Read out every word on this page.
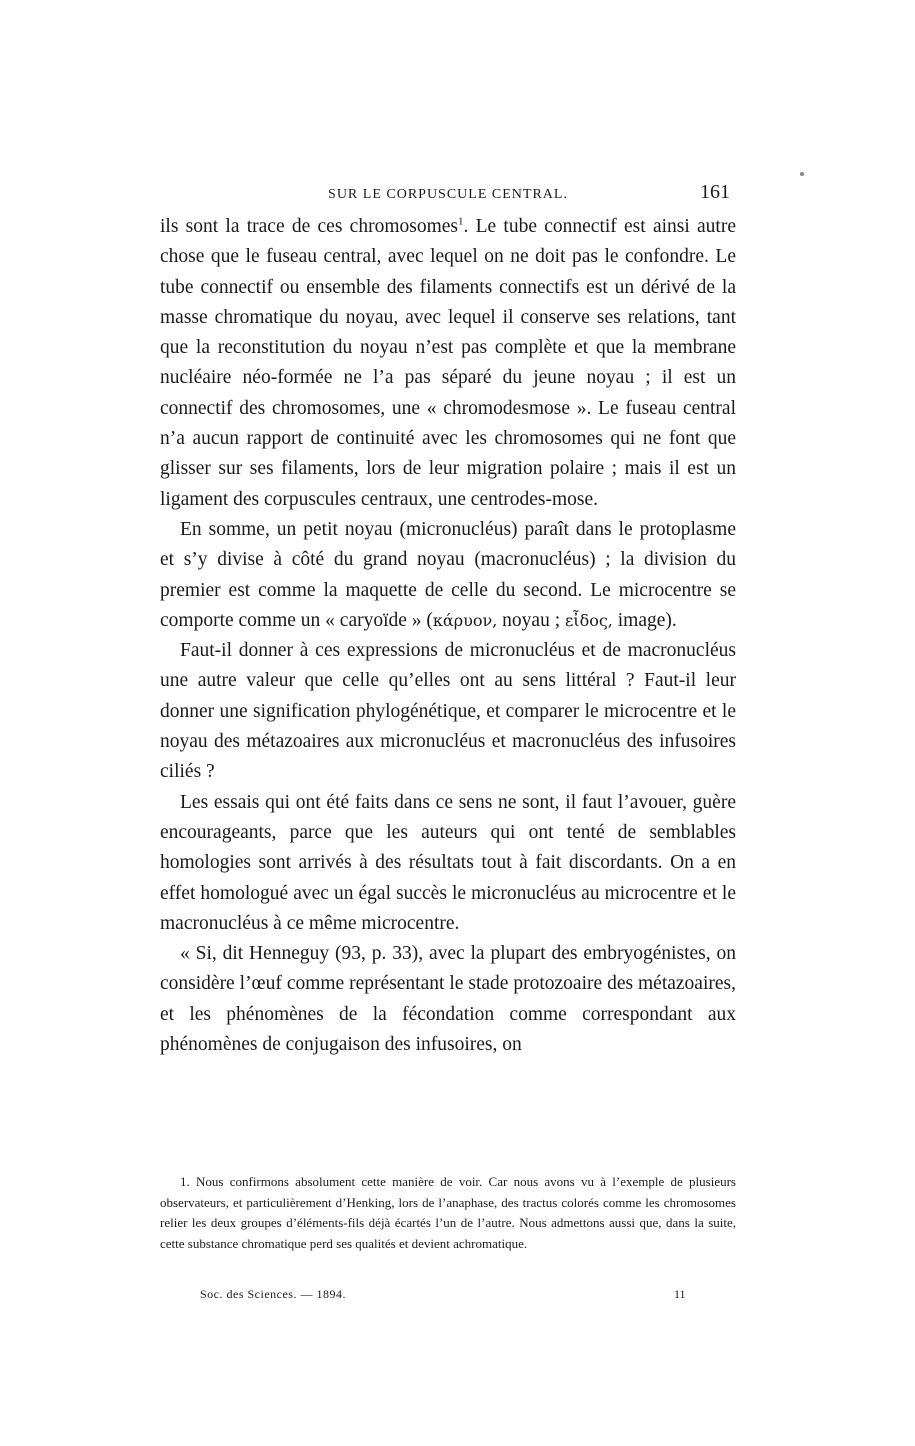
SUR LE CORPUSCULE CENTRAL.	161

ils sont la trace de ces chromosomes$^1$. Le tube connectif est ainsi autre chose que le fuseau central, avec lequel on ne doit pas le confondre. Le tube connectif ou ensemble des filaments connectifs est un dérivé de la masse chromatique du noyau, avec lequel il conserve ses relations, tant que la reconstitution du noyau n’est pas complète et que la membrane nucléaire néo-formée ne l’a pas séparé du jeune noyau ; il est un connectif des chromosomes, une « chromodesmose ». Le fuseau central n’a aucun rapport de continuité avec les chromosomes qui ne font que glisser sur ses filaments, lors de leur migration polaire ; mais il est un ligament des corpuscules centraux, une centrodes-mose.

En somme, un petit noyau (micronucléus) paraît dans le protoplasme et s’y divise à côté du grand noyau (macronucléus) ; la division du premier est comme la maquette de celle du second. Le microcentre se comporte comme un « caryoïde » (κάρυον, noyau ; εἶδος, image).

Faut-il donner à ces expressions de micronucléus et de macronucléus une autre valeur que celle qu’elles ont au sens littéral ? Faut-il leur donner une signification phylogénétique, et comparer le microcentre et le noyau des métazoaires aux micronucléus et macronucléus des infusoires ciliés ?

Les essais qui ont été faits dans ce sens ne sont, il faut l’avouer, guère encourageants, parce que les auteurs qui ont tenté de semblables homologies sont arrivés à des résultats tout à fait discordants. On a en effet homologué avec un égal succès le micronucléus au microcentre et le macronucléus à ce même microcentre.

« Si, dit Henneguy (93, p. 33), avec la plupart des embryogénistes, on considère l’œuf comme représentant le stade protozoaire des métazoaires, et les phénomènes de la fécondation comme correspondant aux phénomènes de conjugaison des infusoires, on

1. Nous confirmons absolument cette manière de voir. Car nous avons vu à l’exemple de plusieurs observateurs, et particulièrement d’Henking, lors de l’anaphase, des tractus colorés comme les chromosomes relier les deux groupes d’éléments-fils déjà écartés l’un de l’autre. Nous admettons aussi que, dans la suite, cette substance chromatique perd ses qualités et devient achromatique.

Soc. des Sciences. — 1894.	11
